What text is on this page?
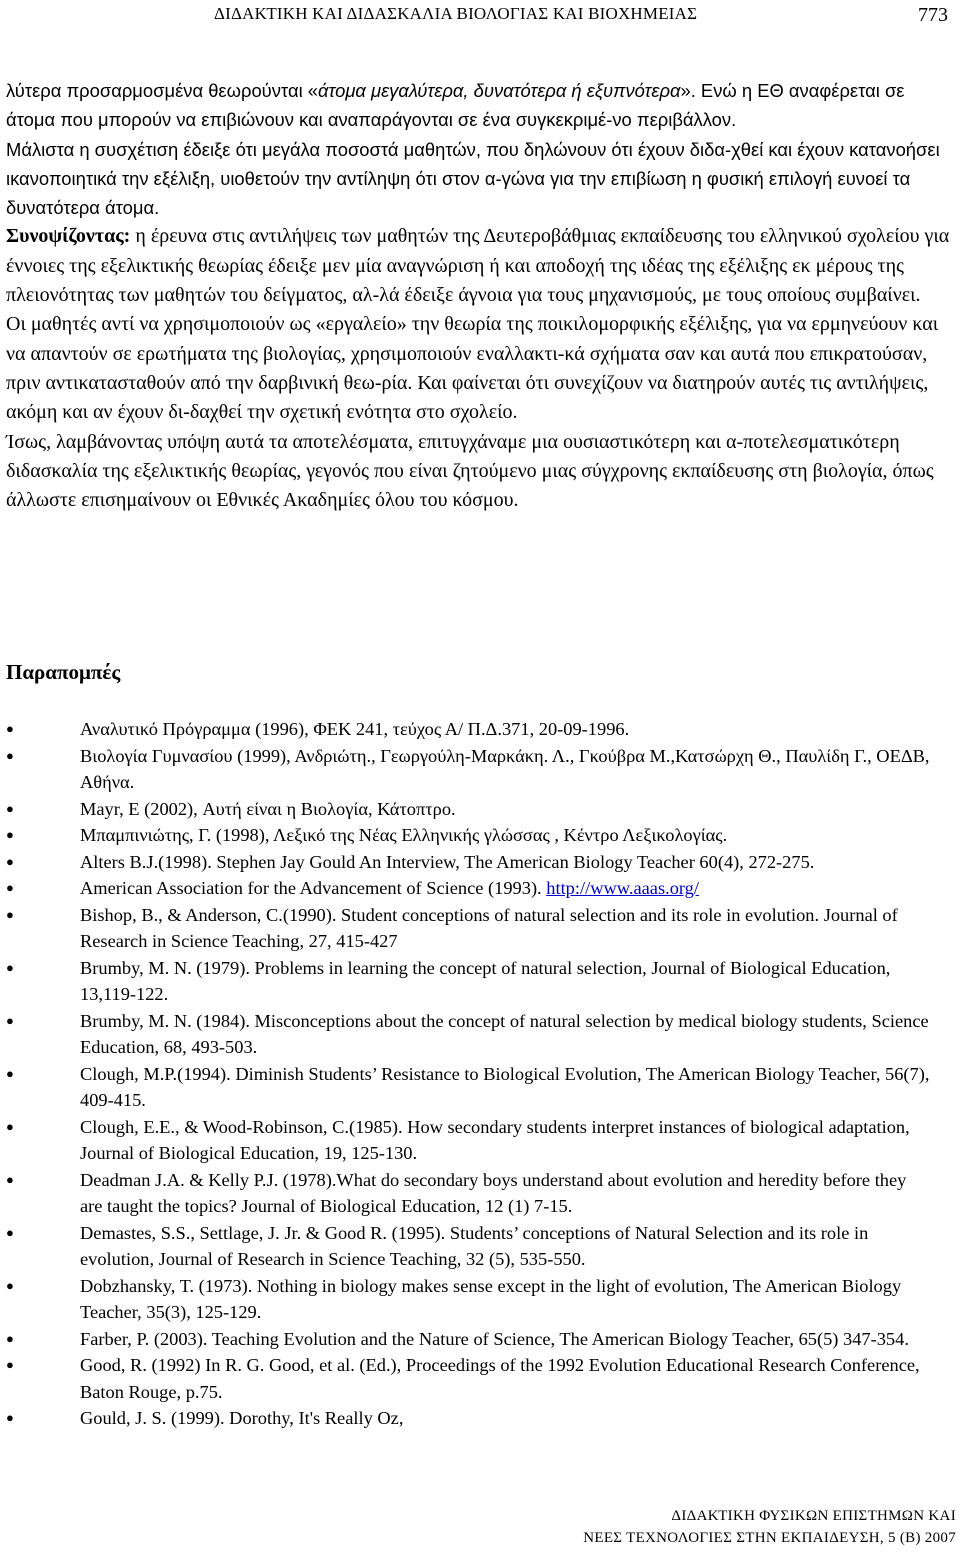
ΔΙΔΑΚΤΙΚΗ ΚΑΙ ΔΙΔΑΣΚΑΛΙΑ ΒΙΟΛΟΓΙΑΣ ΚΑΙ ΒΙΟΧΗΜΕΙΑΣ	773

λύτερα προσαρμοσμένα θεωρούνται «άτομα μεγαλύτερα, δυνατότερα ή εξυπνότερα». Ενώ η ΕΘ αναφέρεται σε άτομα που μπορούν να επιβιώνουν και αναπαράγονται σε ένα συγκεκριμέ-νο περιβάλλον.

Μάλιστα η συσχέτιση έδειξε ότι μεγάλα ποσοστά μαθητών, που δηλώνουν ότι έχουν διδα-χθεί και έχουν κατανοήσει ικανοποιητικά την εξέλιξη, υιοθετούν την αντίληψη ότι στον α-γώνα για την επιβίωση η φυσική επιλογή ευνοεί τα δυνατότερα άτομα.

Συνοψίζοντας: η έρευνα στις αντιλήψεις των μαθητών της Δευτεροβάθμιας εκπαίδευσης του ελληνικού σχολείου για έννοιες της εξελικτικής θεωρίας έδειξε μεν μία αναγνώριση ή και αποδοχή της ιδέας της εξέλιξης εκ μέρους της πλειονότητας των μαθητών του δείγματος, αλ-λά έδειξε άγνοια για τους μηχανισμούς, με τους οποίους συμβαίνει.

Οι μαθητές αντί να χρησιμοποιούν ως «εργαλείο» την θεωρία της ποικιλομορφικής εξέλιξης, για να ερμηνεύουν και να απαντούν σε ερωτήματα της βιολογίας, χρησιμοποιούν εναλλακτι-κά σχήματα σαν και αυτά που επικρατούσαν, πριν αντικατασταθούν από την δαρβινική θεω-ρία. Και φαίνεται ότι συνεχίζουν να διατηρούν αυτές τις αντιλήψεις, ακόμη και αν έχουν δι-δαχθεί την σχετική ενότητα στο σχολείο.

Ίσως, λαμβάνοντας υπόψη αυτά τα αποτελέσματα, επιτυγχάναμε μια ουσιαστικότερη και α-ποτελεσματικότερη διδασκαλία της εξελικτικής θεωρίας, γεγονός που είναι ζητούμενο μιας σύγχρονης εκπαίδευσης στη βιολογία, όπως άλλωστε επισημαίνουν οι Εθνικές Ακαδημίες όλου του κόσμου.

Παραπομπές
●	Αναλυτικό Πρόγραμμα (1996), ΦΕΚ 241, τεύχος Α/ Π.Δ.371, 20-09-1996.
●	Βιολογία Γυμνασίου (1999), Ανδριώτη., Γεωργούλη-Μαρκάκη. Λ., Γκούβρα Μ.,Κατσώρχη Θ., Παυλίδη Γ., ΟΕΔΒ, Αθήνα.
●	Mayr, E (2002), Αυτή είναι η Βιολογία, Κάτοπτρο.
●	Μπαμπινιώτης, Γ. (1998), Λεξικό της Νέας Ελληνικής γλώσσας , Κέντρο Λεξικολογίας.
●	Alters B.J.(1998). Stephen Jay Gould An Interview, The American Biology Teacher 60(4), 272-275.
●	American Association for the Advancement of Science (1993). http://www.aaas.org/
●	Bishop, B., & Anderson, C.(1990). Student conceptions of natural selection and its role in evolution. Journal of Research in Science Teaching, 27, 415-427
●	Brumby, M. N. (1979). Problems in learning the concept of natural selection, Journal of Biological Education, 13,119-122.
●	Brumby, M. N. (1984). Misconceptions about the concept of natural selection by medical biology students, Science Education, 68, 493-503.
●	Clough, M.P.(1994). Diminish Students’ Resistance to Biological Evolution, The American Biology Teacher, 56(7), 409-415.
●	Clough, E.E., & Wood-Robinson, C.(1985). How secondary students interpret instances of biological adaptation, Journal of Biological Education, 19, 125-130.
●	Deadman J.A. & Kelly P.J. (1978).What do secondary boys understand about evolution and heredity before they are taught the topics? Journal of Biological Education, 12 (1) 7-15.
●	Demastes, S.S., Settlage, J. Jr. & Good R. (1995). Students’ conceptions of Natural Selection and its role in evolution, Journal of Research in Science Teaching, 32 (5), 535-550.
●	Dobzhansky, T. (1973). Nothing in biology makes sense except in the light of evolution, The American Biology Teacher, 35(3), 125-129.
●	Farber, P. (2003). Teaching Evolution and the Nature of Science, The American Biology Teacher, 65(5) 347-354.
●	Good, R. (1992) In R. G. Good, et al. (Ed.), Proceedings of the 1992 Evolution Educational Research Conference, Baton Rouge, p.75.
●	Gould, J. S. (1999). Dorothy, It's Really Oz,
ΔΙΔΑΚΤΙΚΗ ΦΥΣΙΚΩΝ ΕΠΙΣΤΗΜΩΝ ΚΑΙ
ΝΕΕΣ ΤΕΧΝΟΛΟΓΙΕΣ ΣΤΗΝ ΕΚΠΑΙΔΕΥΣΗ, 5 (Β) 2007
